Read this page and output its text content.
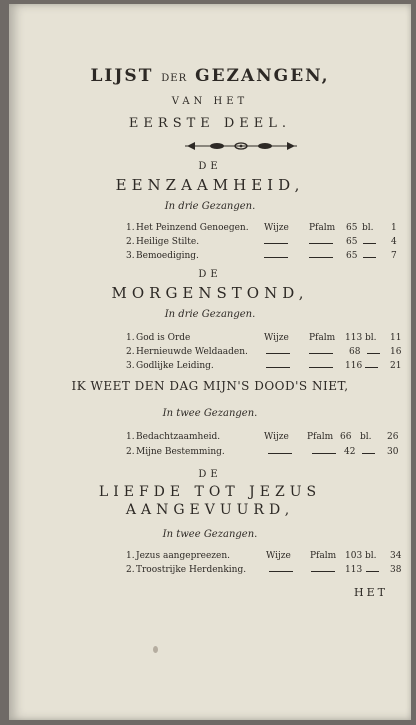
LIJST DER GEZANGEN,
VAN HET
EERSTE DEEL.
DE
EENZAAMHEID,
In drie Gezangen.
1. Het Peinzend Genoegen. Wijze Pfalm 65 bl. 1
2. Heilige Stilte.	65	4
3. Bemoediging.	65	7
DE
MORGENSTOND,
In drie Gezangen.
1. God is Orde	Wijze Pfalm 113 bl. 11
2. Hernieuwde Weldaaden.	68	16
3. Godlijke Leiding.	116	21
IK WEET DEN DAG MIJN'S DOOD'S NIET,
In twee Gezangen.
1. Bedachtzaamheid.	Wijze Pfalm 66 bl. 26
2. Mijne Bestemming.	42	30
DE
LIEFDE TOT JEZUS
AANGEVUURD,
In twee Gezangen.
1. Jezus aangepreezen.	Wijze Pfalm 103 bl. 34
2. Troostrijke Herdenking.	113	38
HET
